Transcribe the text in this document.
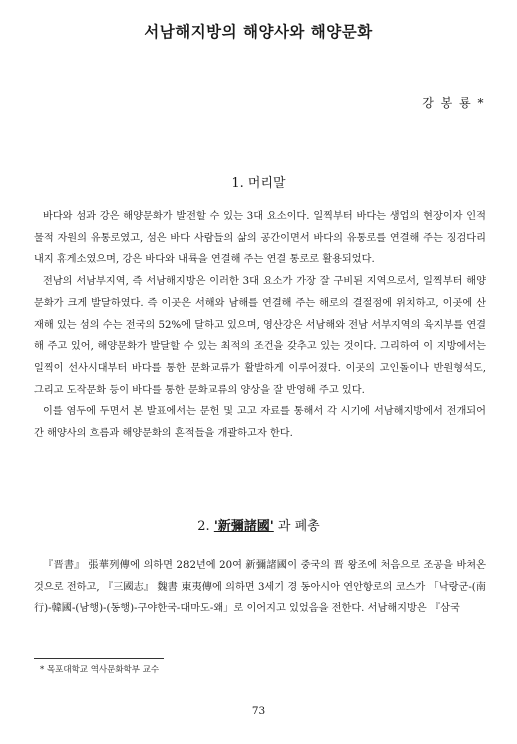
서남해지방의 해양사와 해양문화
강 봉 룡 *
1. 머리말
바다와 섬과 강은 해양문화가 발전할 수 있는 3대 요소이다. 일찍부터 바다는 생업의 현장이자 인적 물적 자원의 유통로였고, 섬은 바다 사람들의 삶의 공간이면서 바다의 유통로를 연결해 주는 징검다리 내지 휴게소였으며, 강은 바다와 내륙을 연결해 주는 연결 통로로 활용되었다.
전남의 서남부지역, 즉 서남해지방은 이러한 3대 요소가 가장 잘 구비된 지역으로서, 일찍부터 해양문화가 크게 발달하였다. 즉 이곳은 서해와 남해를 연결해 주는 해로의 결절점에 위치하고, 이곳에 산재해 있는 섬의 수는 전국의 52%에 달하고 있으며, 영산강은 서남해와 전남 서부지역의 육지부를 연결해 주고 있어, 해양문화가 발달할 수 있는 최적의 조건을 갖추고 있는 것이다. 그리하여 이 지방에서는 일찍이 선사시대부터 바다를 통한 문화교류가 활발하게 이루어졌다. 이곳의 고인돌이나 반원형석도, 그리고 도작문화 등이 바다를 통한 문화교류의 양상을 잘 반영해 주고 있다.
이를 염두에 두면서 본 발표에서는 문헌 및 고고 자료를 통해서 각 시기에 서남해지방에서 전개되어 간 해양사의 흐름과 해양문화의 흔적들을 개괄하고자 한다.
2. '新彌諸國' 과 폐총
『晋書』 張華列傳에 의하면 282년에 20여 新彌諸國이 중국의 晋 왕조에 처음으로 조공을 바쳐온 것으로 전하고, 『三國志』 魏書 東夷傳에 의하면 3세기 경 동아시아 연안항로의 코스가 「낙랑군-(南行)-韓國-(남행)-(동행)-구야한국-대마도-왜」로 이어지고 있었음을 전한다. 서남해지방은 『삼국
* 목포대학교 역사문화학부 교수
73
